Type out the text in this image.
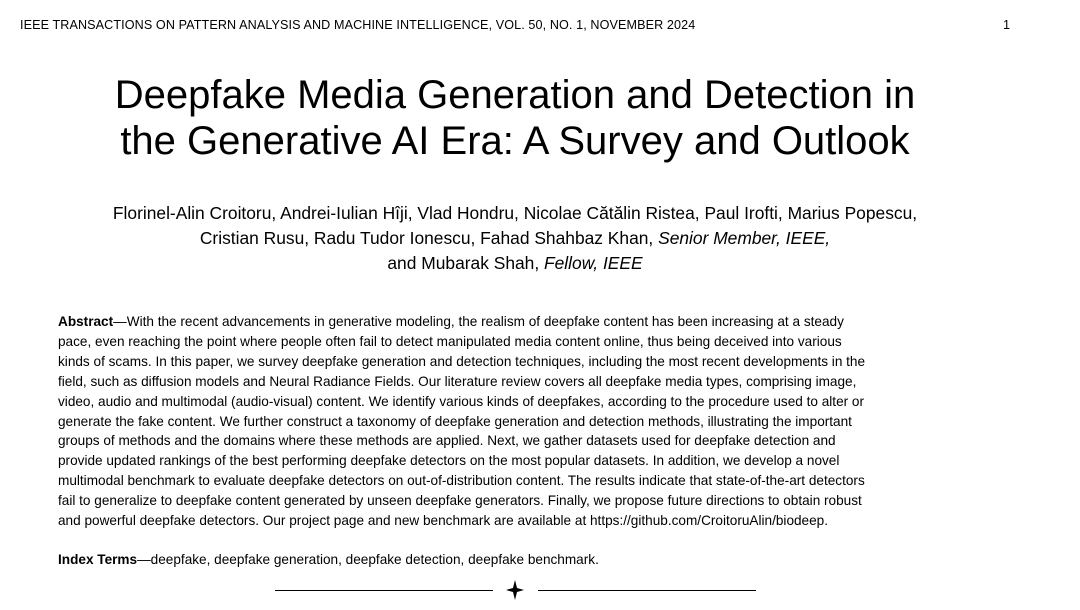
IEEE TRANSACTIONS ON PATTERN ANALYSIS AND MACHINE INTELLIGENCE, VOL. 50, NO. 1, NOVEMBER 2024	1
Deepfake Media Generation and Detection in
the Generative AI Era: A Survey and Outlook
Florinel-Alin Croitoru, Andrei-Iulian Hîji, Vlad Hondru, Nicolae Cătălin Ristea, Paul Irofti, Marius Popescu,
Cristian Rusu, Radu Tudor Ionescu, Fahad Shahbaz Khan, Senior Member, IEEE,
and Mubarak Shah, Fellow, IEEE
Abstract—With the recent advancements in generative modeling, the realism of deepfake content has been increasing at a steady
pace, even reaching the point where people often fail to detect manipulated media content online, thus being deceived into various
kinds of scams. In this paper, we survey deepfake generation and detection techniques, including the most recent developments in the
field, such as diffusion models and Neural Radiance Fields. Our literature review covers all deepfake media types, comprising image,
video, audio and multimodal (audio-visual) content. We identify various kinds of deepfakes, according to the procedure used to alter or
generate the fake content. We further construct a taxonomy of deepfake generation and detection methods, illustrating the important
groups of methods and the domains where these methods are applied. Next, we gather datasets used for deepfake detection and
provide updated rankings of the best performing deepfake detectors on the most popular datasets. In addition, we develop a novel
multimodal benchmark to evaluate deepfake detectors on out-of-distribution content. The results indicate that state-of-the-art detectors
fail to generalize to deepfake content generated by unseen deepfake generators. Finally, we propose future directions to obtain robust
and powerful deepfake detectors. Our project page and new benchmark are available at https://github.com/CroitoruAlin/biodeep.
Index Terms—deepfake, deepfake generation, deepfake detection, deepfake benchmark.
